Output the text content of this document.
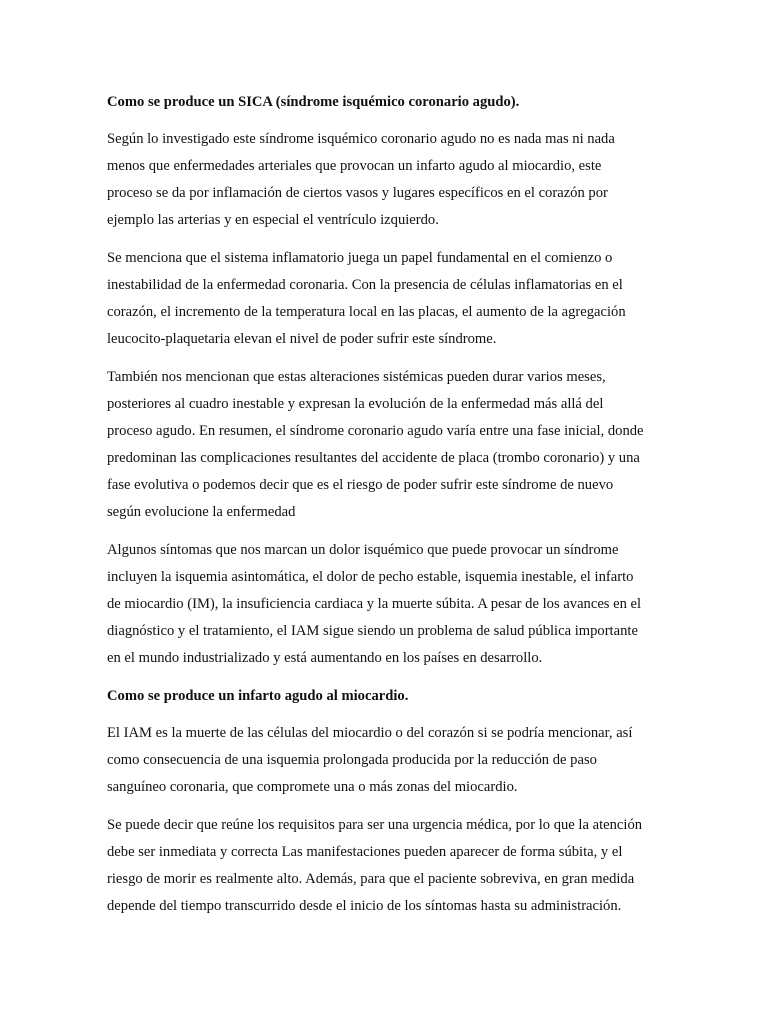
Como se produce un SICA (síndrome isquémico coronario agudo).
Según lo investigado este síndrome isquémico coronario agudo no es nada mas ni nada
menos que enfermedades arteriales que provocan un infarto agudo al miocardio, este
proceso se da por inflamación de ciertos vasos y lugares específicos en el corazón por
ejemplo las arterias y en especial el ventrículo izquierdo.
Se menciona que el sistema inflamatorio juega un papel fundamental en el comienzo o
inestabilidad de la enfermedad coronaria. Con la presencia de células inflamatorias en el
corazón, el incremento de la temperatura local en las placas, el aumento de la agregación
leucocito-plaquetaria elevan el nivel de poder sufrir este síndrome.
También nos mencionan que estas alteraciones sistémicas pueden durar varios meses,
posteriores al cuadro inestable y expresan la evolución de la enfermedad más allá del
proceso agudo. En resumen, el síndrome coronario agudo varía entre una fase inicial, donde
predominan las complicaciones resultantes del accidente de placa (trombo coronario) y una
fase evolutiva o podemos decir que es el riesgo de poder sufrir este síndrome de nuevo
según evolucione la enfermedad
Algunos síntomas que nos marcan un dolor isquémico que puede provocar un síndrome
incluyen la isquemia asintomática, el dolor de pecho estable, isquemia inestable, el infarto
de miocardio (IM), la insuficiencia cardiaca y la muerte súbita. A pesar de los avances en el
diagnóstico y el tratamiento, el IAM sigue siendo un problema de salud pública importante
en el mundo industrializado y está aumentando en los países en desarrollo.
Como se produce un infarto agudo al miocardio.
El IAM es la muerte de las células del miocardio o del corazón si se podría mencionar, así
como consecuencia de una isquemia prolongada producida por la reducción de paso
sanguíneo coronaria, que compromete una o más zonas del miocardio.
Se puede decir que reúne los requisitos para ser una urgencia médica, por lo que la atención
debe ser inmediata y correcta Las manifestaciones pueden aparecer de forma súbita, y el
riesgo de morir es realmente alto. Además, para que el paciente sobreviva, en gran medida
depende del tiempo transcurrido desde el inicio de los síntomas hasta su administración.
